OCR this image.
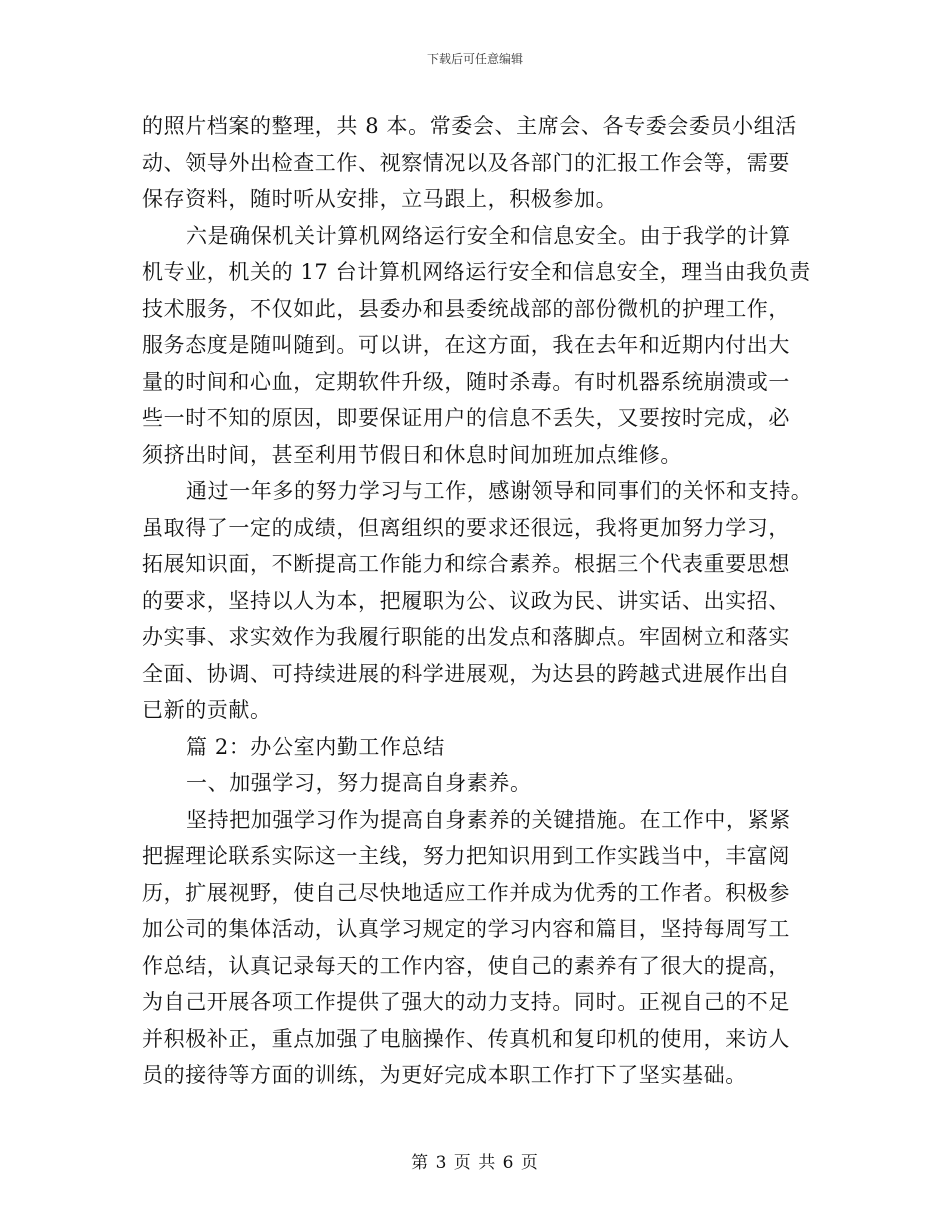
下载后可任意编辑
的照片档案的整理，共 8 本。常委会、主席会、各专委会委员小组活
动、领导外出检查工作、视察情况以及各部门的汇报工作会等，需要
保存资料，随时听从安排，立马跟上，积极参加。
六是确保机关计算机网络运行安全和信息安全。由于我学的计算
机专业，机关的 17 台计算机网络运行安全和信息安全，理当由我负责
技术服务，不仅如此，县委办和县委统战部的部份微机的护理工作，
服务态度是随叫随到。可以讲，在这方面，我在去年和近期内付出大
量的时间和心血，定期软件升级，随时杀毒。有时机器系统崩溃或一
些一时不知的原因，即要保证用户的信息不丢失，又要按时完成，必
须挤出时间，甚至利用节假日和休息时间加班加点维修。
通过一年多的努力学习与工作，感谢领导和同事们的关怀和支持。
虽取得了一定的成绩，但离组织的要求还很远，我将更加努力学习，
拓展知识面，不断提高工作能力和综合素养。根据三个代表重要思想
的要求，坚持以人为本，把履职为公、议政为民、讲实话、出实招、
办实事、求实效作为我履行职能的出发点和落脚点。牢固树立和落实
全面、协调、可持续进展的科学进展观，为达县的跨越式进展作出自
已新的贡献。
篇 2：办公室内勤工作总结
一、加强学习，努力提高自身素养。
坚持把加强学习作为提高自身素养的关键措施。在工作中，紧紧
把握理论联系实际这一主线，努力把知识用到工作实践当中，丰富阅
历，扩展视野，使自己尽快地适应工作并成为优秀的工作者。积极参
加公司的集体活动，认真学习规定的学习内容和篇目，坚持每周写工
作总结，认真记录每天的工作内容，使自己的素养有了很大的提高，
为自己开展各项工作提供了强大的动力支持。同时。正视自己的不足
并积极补正，重点加强了电脑操作、传真机和复印机的使用，来访人
员的接待等方面的训练，为更好完成本职工作打下了坚实基础。
第 3 页 共 6 页
